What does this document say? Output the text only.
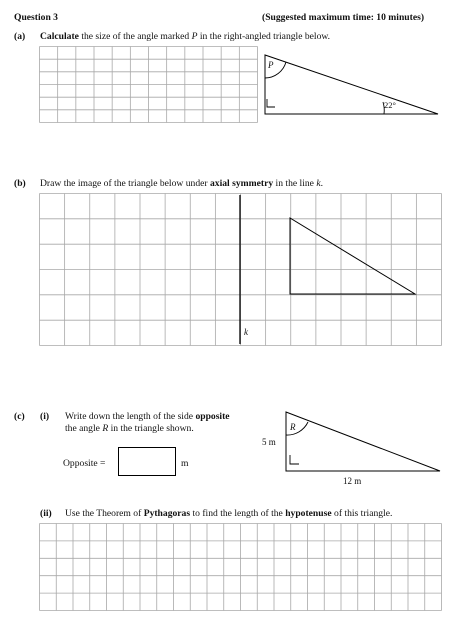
Question 3	(Suggested maximum time: 10 minutes)
(a) Calculate the size of the angle marked P in the right-angled triangle below.
P
22°
(b) Draw the image of the triangle below under axial symmetry in the line k.
k
(c) (i) Write down the length of the side opposite
the angle R in the triangle shown.
Opposite =	m
R
5 m
12 m
(ii) Use the Theorem of Pythagoras to find the length of the hypotenuse of this triangle.
